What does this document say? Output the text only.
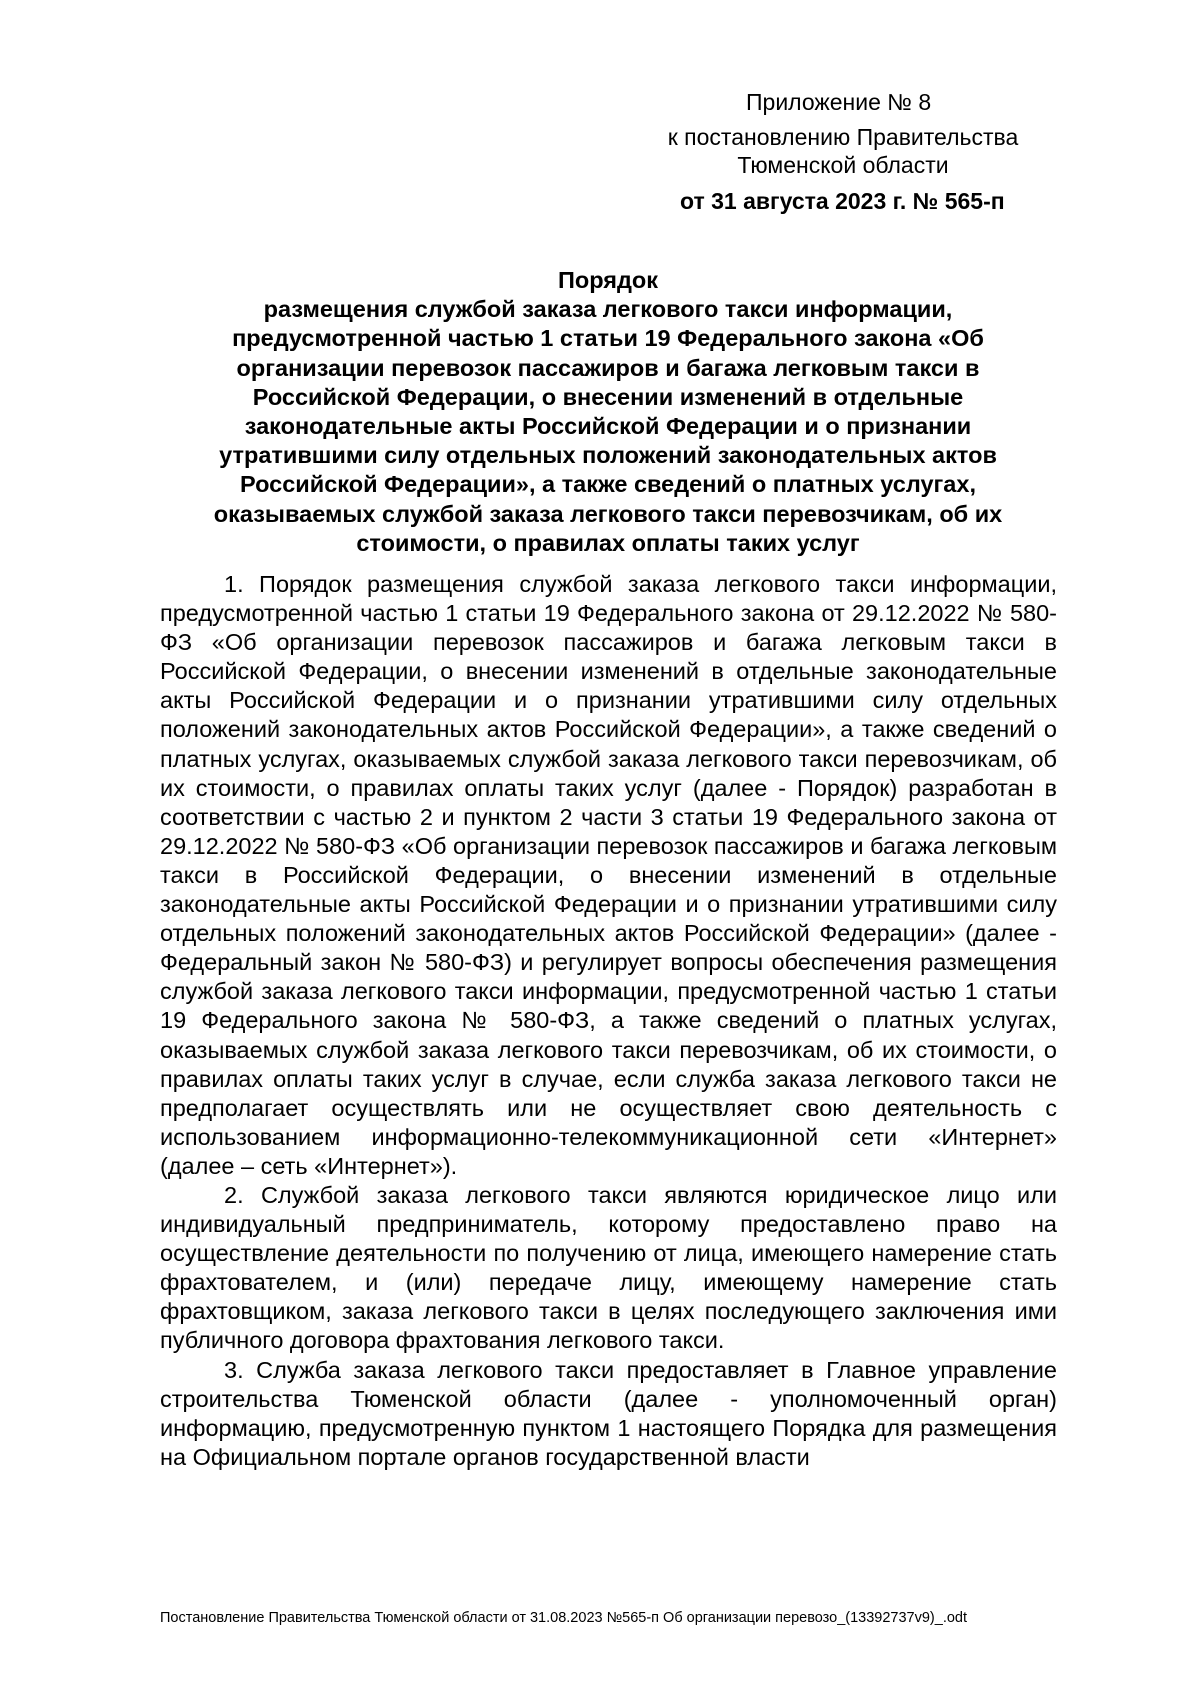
Приложение № 8
к постановлению Правительства Тюменской области
от 31 августа 2023 г. № 565-п
Порядок
размещения службой заказа легкового такси информации, предусмотренной частью 1 статьи 19 Федерального закона «Об организации перевозок пассажиров и багажа легковым такси в Российской Федерации, о внесении изменений в отдельные законодательные акты Российской Федерации и о признании утратившими силу отдельных положений законодательных актов Российской Федерации», а также сведений о платных услугах, оказываемых службой заказа легкового такси перевозчикам, об их стоимости, о правилах оплаты таких услуг

1. Порядок размещения службой заказа легкового такси информации, предусмотренной частью 1 статьи 19 Федерального закона от 29.12.2022 № 580-ФЗ «Об организации перевозок пассажиров и багажа легковым такси в Российской Федерации, о внесении изменений в отдельные законодательные акты Российской Федерации и о признании утратившими силу отдельных положений законодательных актов Российской Федерации», а также сведений о платных услугах, оказываемых службой заказа легкового такси перевозчикам, об их стоимости, о правилах оплаты таких услуг (далее - Порядок) разработан в соответствии с частью 2 и пунктом 2 части 3 статьи 19 Федерального закона от 29.12.2022 № 580-ФЗ «Об организации перевозок пассажиров и багажа легковым такси в Российской Федерации, о внесении изменений в отдельные законодательные акты Российской Федерации и о признании утратившими силу отдельных положений законодательных актов Российской Федерации» (далее - Федеральный закон № 580-ФЗ) и регулирует вопросы обеспечения размещения службой заказа легкового такси информации, предусмотренной частью 1 статьи 19 Федерального закона № 580-ФЗ, а также сведений о платных услугах, оказываемых службой заказа легкового такси перевозчикам, об их стоимости, о правилах оплаты таких услуг в случае, если служба заказа легкового такси не предполагает осуществлять или не осуществляет свою деятельность с использованием информационно-телекоммуникационной сети «Интернет» (далее – сеть «Интернет»).

2. Службой заказа легкового такси являются юридическое лицо или индивидуальный предприниматель, которому предоставлено право на осуществление деятельности по получению от лица, имеющего намерение стать фрахтователем, и (или) передаче лицу, имеющему намерение стать фрахтовщиком, заказа легкового такси в целях последующего заключения ими публичного договора фрахтования легкового такси.

3. Служба заказа легкового такси предоставляет в Главное управление строительства Тюменской области (далее - уполномоченный орган) информацию, предусмотренную пунктом 1 настоящего Порядка для размещения на Официальном портале органов государственной власти

Постановление Правительства Тюменской области от 31.08.2023 №565-п Об организации перевозо_(13392737v9)_.odt
